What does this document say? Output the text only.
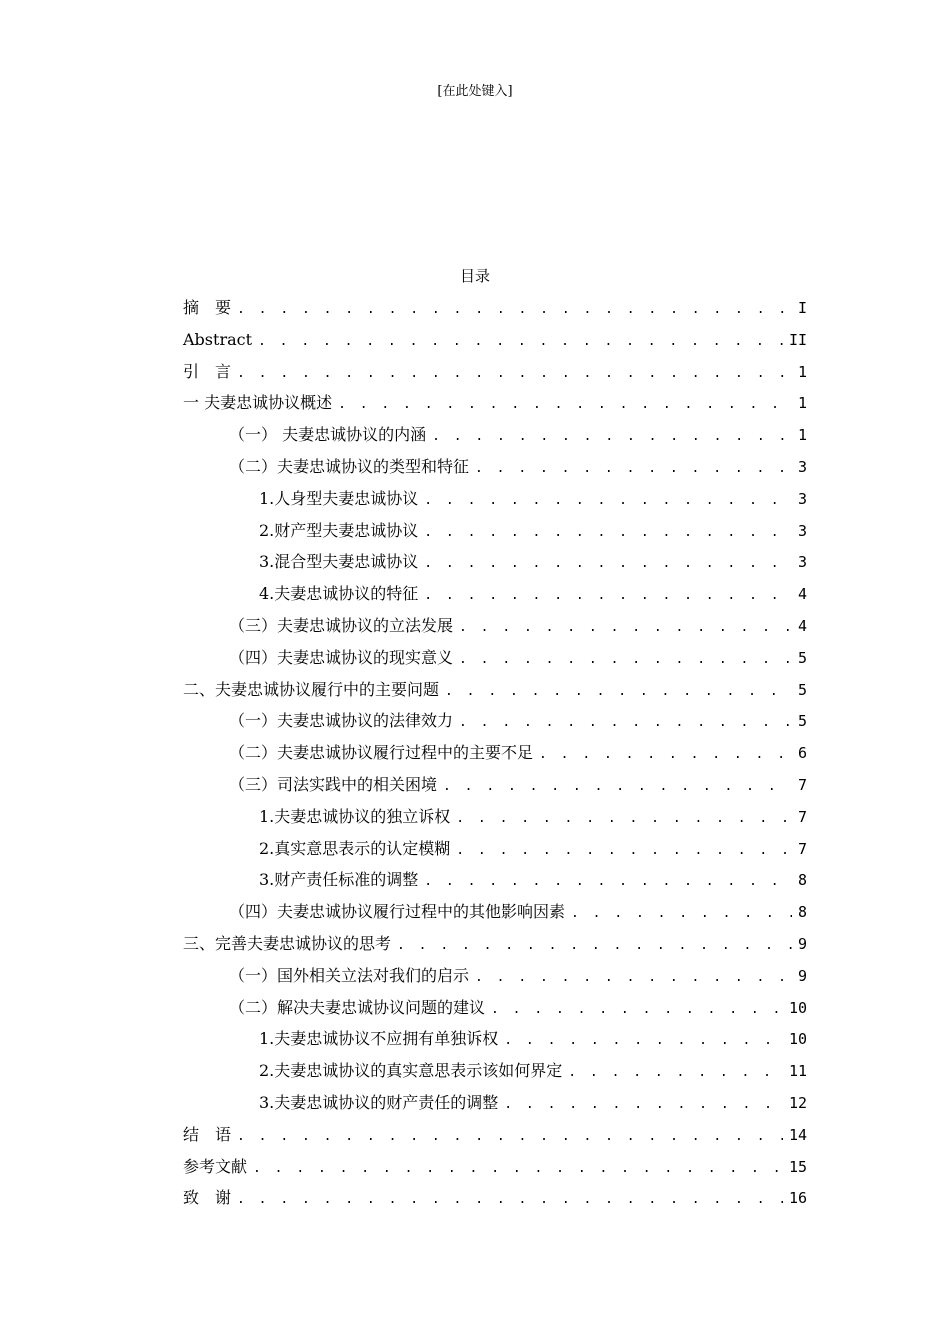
[在此处键入]
目录
摘　要 . . .	I
Abstract . . .	II
引　言 . . .	1
一 夫妻忠诚协议概述 . . .	1
（一） 夫妻忠诚协议的内涵 . . .	1
（二）夫妻忠诚协议的类型和特征 . . .	3
1.人身型夫妻忠诚协议 . . .	3
2.财产型夫妻忠诚协议 . . .	3
3.混合型夫妻忠诚协议 . . .	3
4.夫妻忠诚协议的特征 . . .	4
（三）夫妻忠诚协议的立法发展 . . .	4
（四）夫妻忠诚协议的现实意义 . . .	5
二、夫妻忠诚协议履行中的主要问题 . . .	5
（一）夫妻忠诚协议的法律效力 . . .	5
（二）夫妻忠诚协议履行过程中的主要不足 . . .	6
（三）司法实践中的相关困境 . . .	7
1.夫妻忠诚协议的独立诉权 . . .	7
2.真实意思表示的认定模糊 . . .	7
3.财产责任标准的调整 . . .	8
（四）夫妻忠诚协议履行过程中的其他影响因素 . . .	8
三、完善夫妻忠诚协议的思考 . . .	9
（一）国外相关立法对我们的启示 . . .	9
（二）解决夫妻忠诚协议问题的建议 . . .	10
1.夫妻忠诚协议不应拥有单独诉权 . . .	10
2.夫妻忠诚协议的真实意思表示该如何界定 . . .	11
3.夫妻忠诚协议的财产责任的调整 . . .	12
结　语 . . .	14
参考文献 . . .	15
致　谢 . . .	16
